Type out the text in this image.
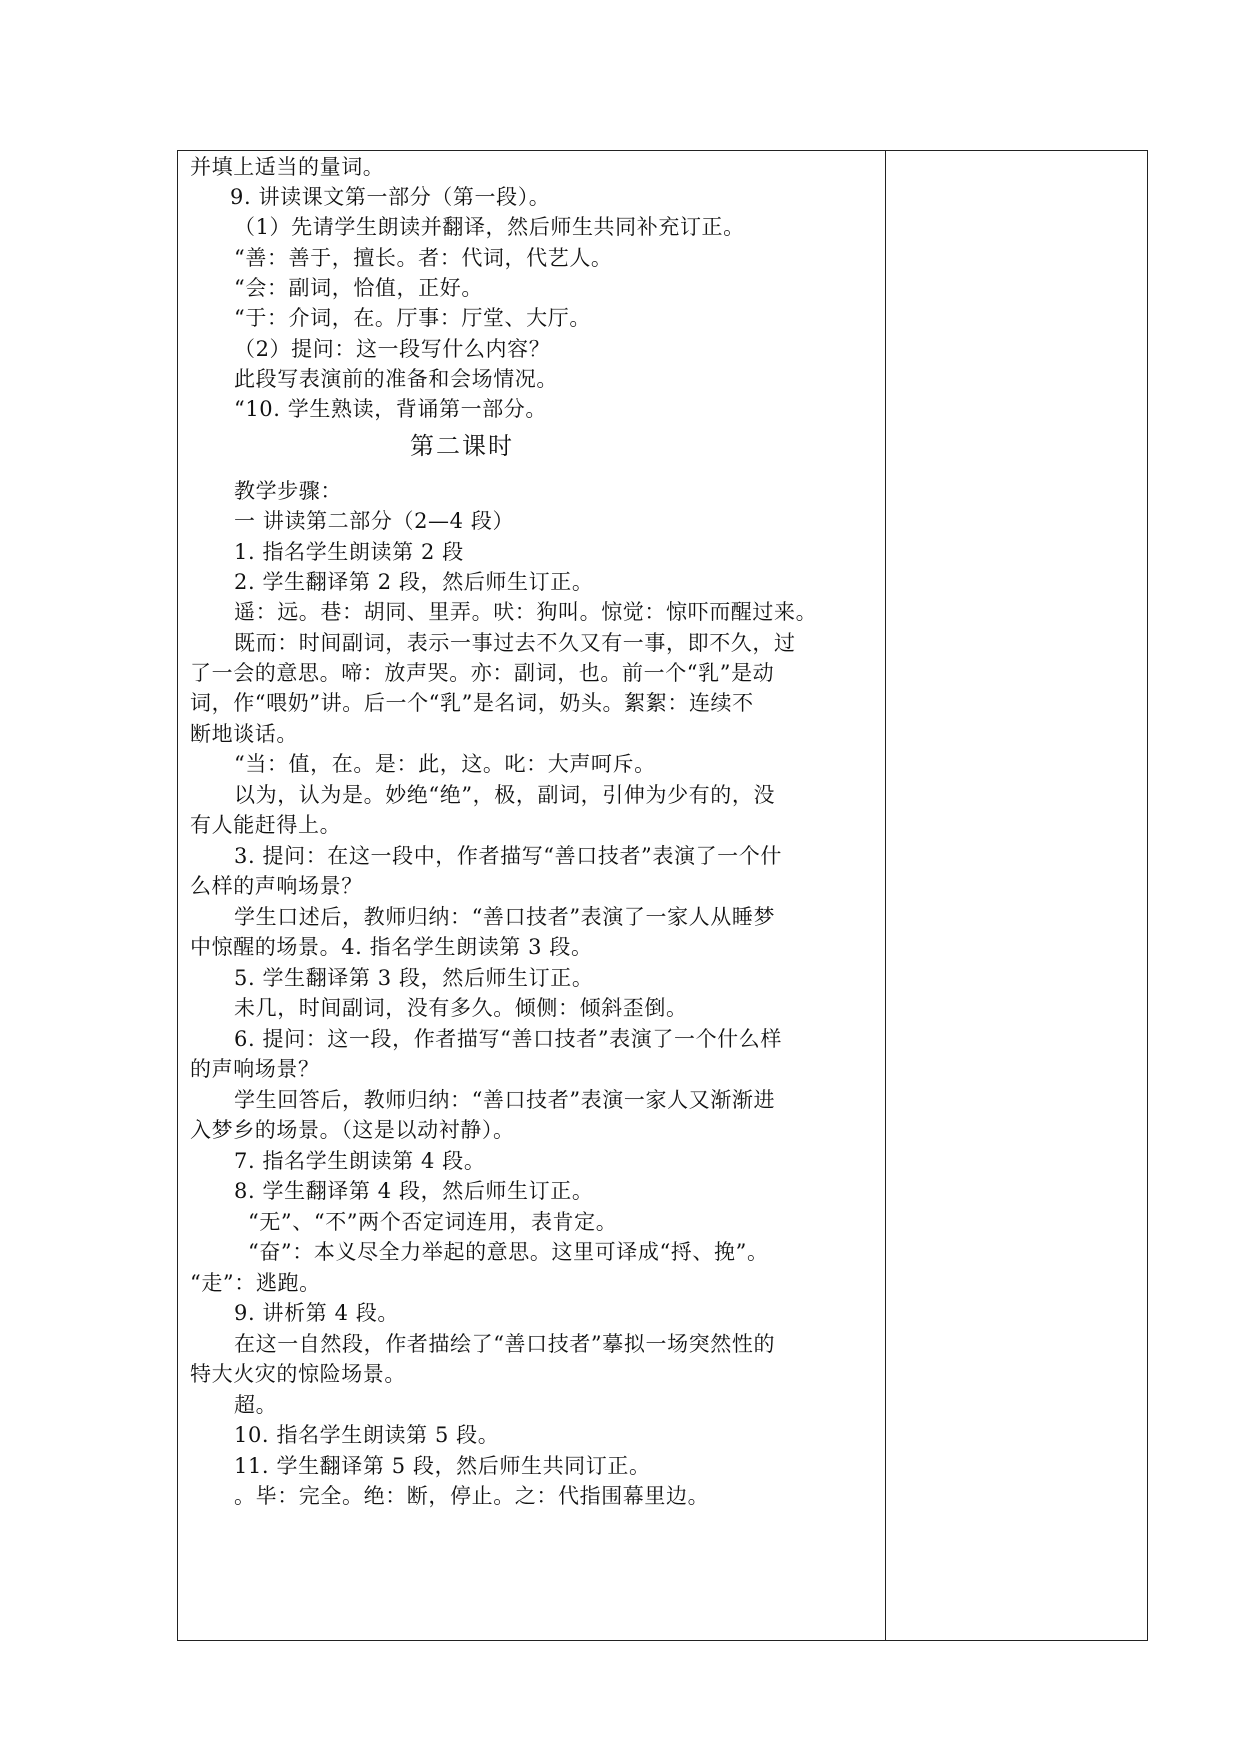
并填上适当的量词。
9. 讲读课文第一部分（第一段）。
（1）先请学生朗读并翻译，然后师生共同补充订正。
“善：善于，擅长。者：代词，代艺人。
“会：副词，恰值，正好。
“于：介词，在。厅事：厅堂、大厅。
（2）提问：这一段写什么内容？
此段写表演前的准备和会场情况。
“10. 学生熟读，背诵第一部分。
第二课时
教学步骤：
一 讲读第二部分（2—4 段）
1. 指名学生朗读第 2 段
2. 学生翻译第 2 段，然后师生订正。
遥：远。巷：胡同、里弄。吠：狗叫。惊觉：惊吓而醒过来。
既而：时间副词，表示一事过去不久又有一事，即不久，过
了一会的意思。啼：放声哭。亦：副词，也。前一个“乳”是动
词，作“喂奶”讲。后一个“乳”是名词，奶头。絮絮：连续不
断地谈话。
“当：值，在。是：此，这。叱：大声呵斥。
以为，认为是。妙绝“绝”，极，副词，引伸为少有的，没
有人能赶得上。
3. 提问：在这一段中，作者描写“善口技者”表演了一个什
么样的声响场景？
学生口述后，教师归纳：“善口技者”表演了一家人从睡梦
中惊醒的场景。4. 指名学生朗读第 3 段。
5. 学生翻译第 3 段，然后师生订正。
未几，时间副词，没有多久。倾侧：倾斜歪倒。
6. 提问：这一段，作者描写“善口技者”表演了一个什么样
的声响场景？
学生回答后，教师归纳：“善口技者”表演一家人又渐渐进
入梦乡的场景。（这是以动衬静）。
7. 指名学生朗读第 4 段。
8. 学生翻译第 4 段，然后师生订正。
“无”、“不”两个否定词连用，表肯定。
“奋”：本义尽全力举起的意思。这里可译成“捋、挽”。
“走”：逃跑。
9. 讲析第 4 段。
在这一自然段，作者描绘了“善口技者”摹拟一场突然性的
特大火灾的惊险场景。
超。
10. 指名学生朗读第 5 段。
11. 学生翻译第 5 段，然后师生共同订正。
。毕：完全。绝：断，停止。之：代指围幕里边。
